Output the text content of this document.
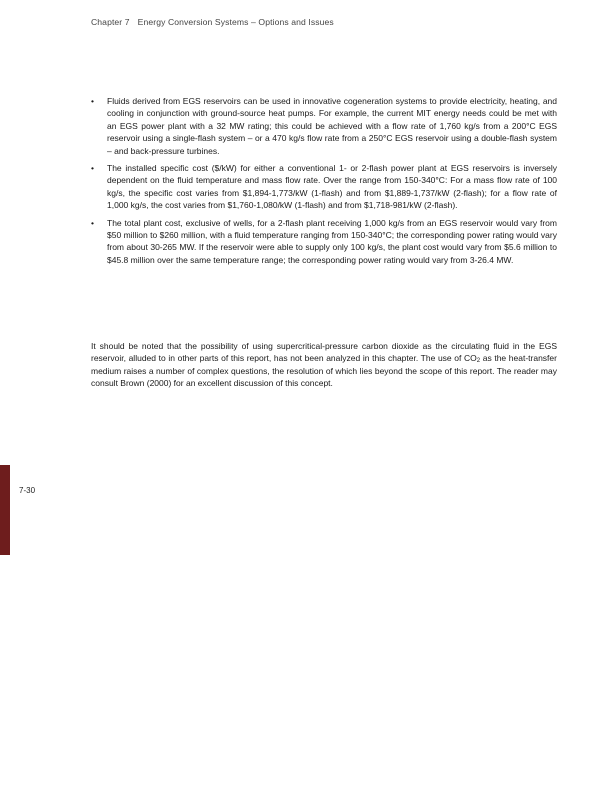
Chapter 7 Energy Conversion Systems – Options and Issues
• Fluids derived from EGS reservoirs can be used in innovative cogeneration systems to provide electricity, heating, and cooling in conjunction with ground-source heat pumps. For example, the current MIT energy needs could be met with an EGS power plant with a 32 MW rating; this could be achieved with a flow rate of 1,760 kg/s from a 200°C EGS reservoir using a single-flash system – or a 470 kg/s flow rate from a 250°C EGS reservoir using a double-flash system – and back-pressure turbines.
• The installed specific cost ($/kW) for either a conventional 1- or 2-flash power plant at EGS reservoirs is inversely dependent on the fluid temperature and mass flow rate. Over the range from 150-340°C: For a mass flow rate of 100 kg/s, the specific cost varies from $1,894-1,773/kW (1-flash) and from $1,889-1,737/kW (2-flash); for a flow rate of 1,000 kg/s, the cost varies from $1,760-1,080/kW (1-flash) and from $1,718-981/kW (2-flash).
• The total plant cost, exclusive of wells, for a 2-flash plant receiving 1,000 kg/s from an EGS reservoir would vary from $50 million to $260 million, with a fluid temperature ranging from 150-340°C; the corresponding power rating would vary from about 30-265 MW. If the reservoir were able to supply only 100 kg/s, the plant cost would vary from $5.6 million to $45.8 million over the same temperature range; the corresponding power rating would vary from 3-26.4 MW.

It should be noted that the possibility of using supercritical-pressure carbon dioxide as the circulating fluid in the EGS reservoir, alluded to in other parts of this report, has not been analyzed in this chapter. The use of $CO_2$ as the heat-transfer medium raises a number of complex questions, the resolution of which lies beyond the scope of this report. The reader may consult Brown (2000) for an excellent discussion of this concept.

7-30
